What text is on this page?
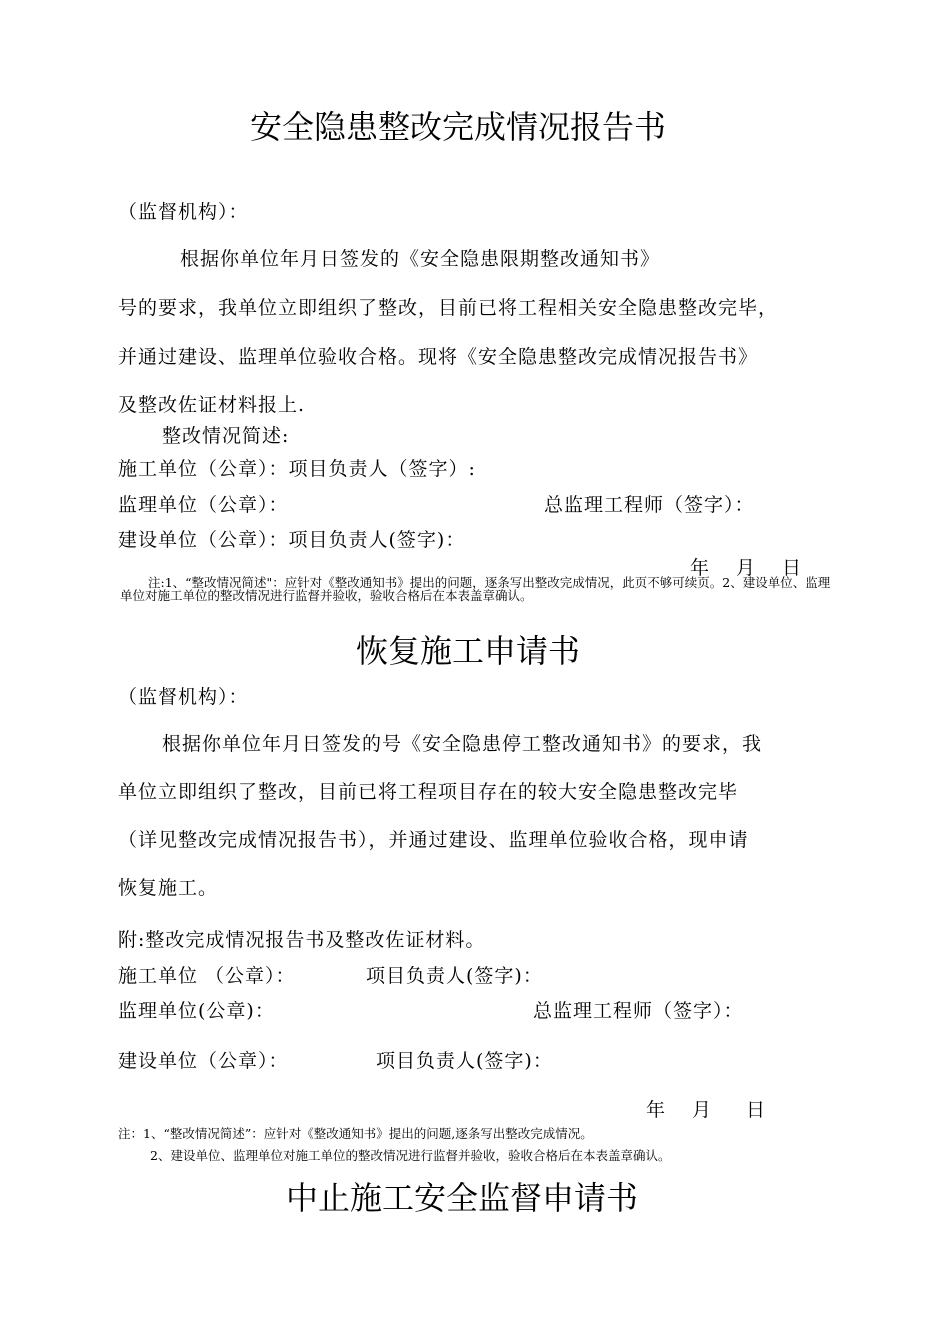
安全隐患整改完成情况报告书
（监督机构）：
根据你单位年月日签发的《安全隐患限期整改通知书》
号的要求，我单位立即组织了整改，目前已将工程相关安全隐患整改完毕，
并通过建设、监理单位验收合格。现将《安全隐患整改完成情况报告书》
及整改佐证材料报上.
整改情况简述:
施工单位（公章）：项目负责人（签字）:
监理单位（公章）：	总监理工程师（签字）：
建设单位（公章）：项目负责人(签字)：
年 月 日
注:1、“整改情况简述"：应针对《整改通知书》提出的问题，逐条写出整改完成情况，此页不够可续页。2、建设单位、监理单位对施工单位的整改情况进行监督并验收，验收合格后在本表盖章确认。
恢复施工申请书
（监督机构）：
根据你单位年月日签发的号《安全隐患停工整改通知书》的要求，我
单位立即组织了整改，目前已将工程项目存在的较大安全隐患整改完毕
（详见整改完成情况报告书），并通过建设、监理单位验收合格，现申请
恢复施工。
附:整改完成情况报告书及整改佐证材料。
施工单位 （公章）：	项目负责人(签字)：
监理单位(公章)：	总监理工程师（签字）：
建设单位（公章）：	项目负责人(签字)：
年 月 日
注：1、“整改情况简述”：应针对《整改通知书》提出的问题,逐条写出整改完成情况。
2、建设单位、监理单位对施工单位的整改情况进行监督并验收，验收合格后在本表盖章确认。
中止施工安全监督申请书
